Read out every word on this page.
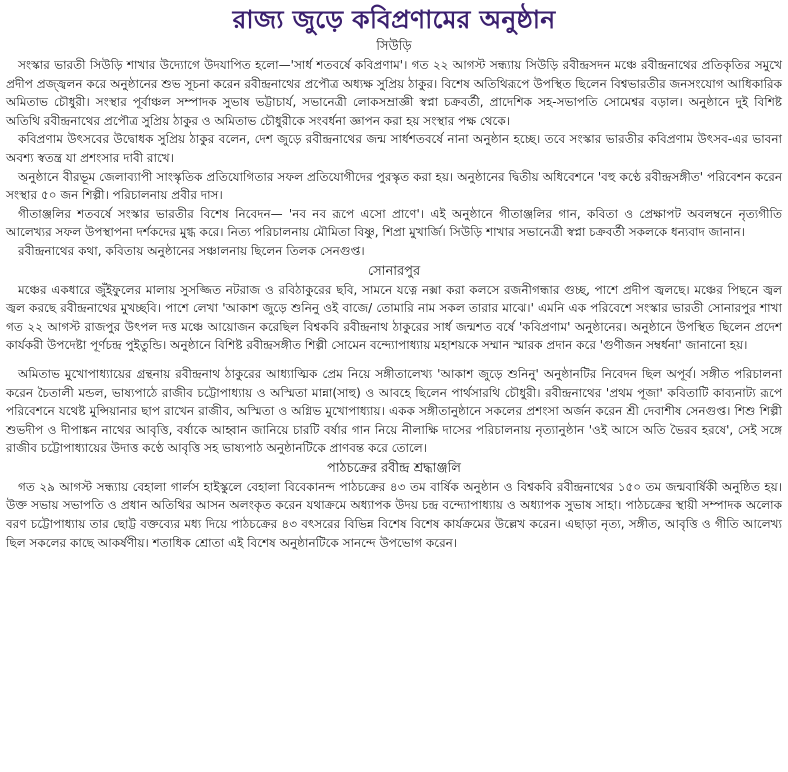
রাজ্য জুড়ে কবিপ্রণামের অনুষ্ঠান
সিউড়ি

সংস্কার ভারতী সিউড়ি শাখার উদ্যোগে উদযাপিত হলো—'সার্ধ শতবর্ষে কবিপ্রণাম'। গত ২২ আগস্ট সন্ধ্যায় সিউড়ি রবীন্দ্রসদন মঞ্চে রবীন্দ্রনাথের প্রতিকৃতির সমুখে প্রদীপ প্রজ্জ্বলন করে অনুষ্ঠানের শুভ সূচনা করেন রবীন্দ্রনাথের প্রপৌত্র অধ্যক্ষ সুপ্রিয় ঠাকুর। বিশেষ অতিথিরূপে উপস্থিত ছিলেন বিশ্বভারতীর জনসংযোগ আধিকারিক অমিতাভ চৌধুরী। সংস্থার পূর্বাঞ্চল সম্পাদক সুভাষ ভট্টাচার্য, সভানেত্রী লোকসম্রাজ্ঞী স্বপ্না চক্রবর্তী, প্রাদেশিক সহ-সভাপতি সোমেশ্বর বড়াল। অনুষ্ঠানে দুই বিশিষ্ট অতিথি রবীন্দ্রনাথের প্রপৌত্র সুপ্রিয় ঠাকুর ও অমিতাভ চৌধুরীকে সংবর্ধনা জ্ঞাপন করা হয় সংস্থার পক্ষ থেকে।

কবিপ্রণাম উৎসবের উদ্বোধক সুপ্রিয় ঠাকুর বলেন, দেশ জুড়ে রবীন্দ্রনাথের জন্ম সার্ধশতবর্ষে নানা অনুষ্ঠান হচ্ছে। তবে সংস্কার ভারতীর কবিপ্রণাম উৎসব-এর ভাবনা অবশ্য স্বতন্ত্র যা প্রশংসার দাবী রাখে।

অনুষ্ঠানে বীরভূম জেলাব্যাপী সাংস্কৃতিক প্রতিযোগিতার সফল প্রতিযোগীদের পুরস্কৃত করা হয়। অনুষ্ঠানের দ্বিতীয় অধিবেশনে 'বহু কণ্ঠে রবীন্দ্রসঙ্গীত' পরিবেশন করেন সংস্থার ৫০ জন শিল্পী। পরিচালনায় প্রবীর দাস।

গীতাঞ্জলির শতবর্ষে সংস্কার ভারতীর বিশেষ নিবেদন— 'নব নব রূপে এসো প্রাণে'। এই অনুষ্ঠানে গীতাঞ্জলির গান, কবিতা ও প্রেক্ষাপট অবলম্বনে নৃত্যগীতি আলেখ্যর সফল উপস্থাপনা দর্শকদের মুগ্ধ করে। নিত্য পরিচালনায় মৌমিতা বিষ্ণু, শিপ্রা মুখার্জি। সিউড়ি শাখার সভানেত্রী স্বপ্না চক্রবর্তী সকলকে ধন্যবাদ জানান।

রবীন্দ্রনাথের কথা, কবিতায় অনুষ্ঠানের সঞ্চালনায় ছিলেন তিলক সেনগুপ্ত।

সোনারপুর

মঞ্চের একধারে জুঁইফুলের মালায় সুসজ্জিত নটরাজ ও রবিঠাকুরের ছবি, সামনে যত্নে নক্সা করা কলসে রজনীগন্ধার গুচ্ছ, পাশে প্রদীপ জ্বলছে। মঞ্চের পিছনে জ্বল জ্বল করছে রবীন্দ্রনাথের মুখচ্ছবি। পাশে লেখা 'আকাশ জুড়ে শুনিনু ওই বাজে/ তোমারি নাম সকল তারার মাঝে।' এমনি এক পরিবেশে সংস্কার ভারতী সোনারপুর শাখা গত ২২ আগস্ট রাজপুর উৎপল দত্ত মঞ্চে আয়োজন করেছিল বিশ্বকবি রবীন্দ্রনাথ ঠাকুরের সার্ধ জন্মশত বর্ষে 'কবিপ্রণাম' অনুষ্ঠানের। অনুষ্ঠানে উপস্থিত ছিলেন প্রদেশ কার্যকরী উপদেষ্টা পূর্ণচন্দ্র পুইতুন্ডি। অনুষ্ঠানে বিশিষ্ট রবীন্দ্রসঙ্গীত শিল্পী সোমেন বন্দ্যোপাধ্যায় মহাশয়কে সম্মান স্মারক প্রদান করে 'গুণীজন সম্বর্ধনা' জানানো হয়।

অমিতাভ মুখোপাধ্যায়ের গ্রন্থনায় রবীন্দ্রনাথ ঠাকুরের আধ্যাত্মিক প্রেম নিয়ে সঙ্গীতালেখ্য 'আকাশ জুড়ে শুনিনু' অনুষ্ঠানটির নিবেদন ছিল অপূর্ব। সঙ্গীত পরিচালনা করেন চৈতালী মন্ডল, ভাষ্যপাঠে রাজীব চট্টোপাধ্যায় ও অস্মিতা মান্না(সাহু) ও আবহে ছিলেন পার্থসারথি চৌধুরী। রবীন্দ্রনাথের 'প্রথম পূজা' কবিতাটি কাব্যনাট্য রূপে পরিবেশনে যথেষ্ট মুন্সিয়ানার ছাপ রাখেন রাজীব, অস্মিতা ও অগ্নিভ মুখোপাধ্যায়। একক সঙ্গীতানুষ্ঠানে সকলের প্রশংসা অর্জন করেন শ্রী দেবাশীষ সেনগুপ্ত। শিশু শিল্পী শুভদীপ ও দীপাঙ্কন নাথের আবৃত্তি, বর্ষাকে আহ্বান জানিয়ে চারটি বর্ষার গান নিয়ে নীলাক্ষি দাসের পরিচালনায় নৃত্যানুষ্ঠান 'ওই আসে অতি ভৈরব হরষে', সেই সঙ্গে রাজীব চট্টোপাধ্যায়ের উদাত্ত কণ্ঠে আবৃত্তি সহ ভাষ্যপাঠ অনুষ্ঠানটিকে প্রাণবন্ত করে তোলে।

পাঠচক্রের রবীন্দ্র শ্রদ্ধাঞ্জলি

গত ২৯ আগস্ট সন্ধ্যায় বেহালা গার্লস হাইস্কুলে বেহালা বিবেকানন্দ পাঠচক্রের ৪৩ তম বার্ষিক অনুষ্ঠান ও বিশ্বকবি রবীন্দ্রনাথের ১৫০ তম জন্মবার্ষিকী অনুষ্ঠিত হয়। উক্ত সভায় সভাপতি ও প্রধান অতিথির আসন অলংকৃত করেন যথাক্রমে অধ্যাপক উদয় চন্দ্র বন্দ্যোপাধ্যায় ও অধ্যাপক সুভাষ সাহা। পাঠচক্রের স্থায়ী সম্পাদক অলোক বরণ চট্টোপাধ্যায় তার ছোট্ট বক্তব্যের মধ্য দিয়ে পাঠচক্রের ৪৩ বৎসরের বিভিন্ন বিশেষ বিশেষ কার্যক্রমের উল্লেখ করেন। এছাড়া নৃত্য, সঙ্গীত, আবৃত্তি ও গীতি আলেখ্য ছিল সকলের কাছে আকর্ষণীয়। শতাধিক শ্রোতা এই বিশেষ অনুষ্ঠানটিকে সানন্দে উপভোগ করেন।
